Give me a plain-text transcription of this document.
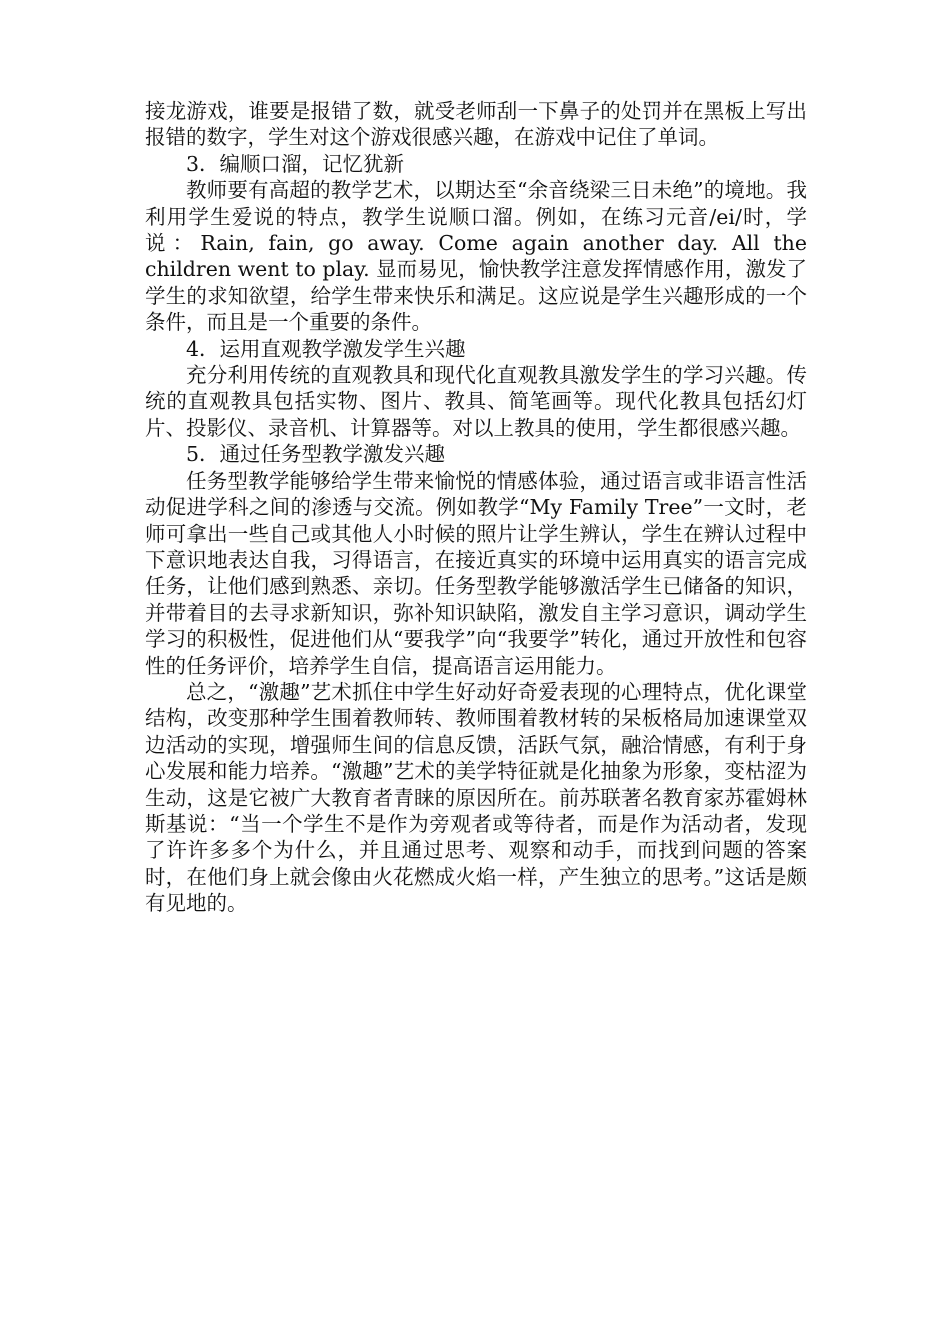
接龙游戏，谁要是报错了数，就受老师刮一下鼻子的处罚并在黑板上写出报错的数字，学生对这个游戏很感兴趣，在游戏中记住了单词。

3．编顺口溜，记忆犹新

教师要有高超的教学艺术，以期达至“余音绕梁三日未绝”的境地。我利用学生爱说的特点，教学生说顺口溜。例如，在练习元音/ei/时，学说：Rain, fain, go away. Come again another day. All the children went to play. 显而易见，愉快教学注意发挥情感作用，激发了学生的求知欲望，给学生带来快乐和满足。这应说是学生兴趣形成的一个条件，而且是一个重要的条件。

4．运用直观教学激发学生兴趣

充分利用传统的直观教具和现代化直观教具激发学生的学习兴趣。传统的直观教具包括实物、图片、教具、简笔画等。现代化教具包括幻灯片、投影仪、录音机、计算器等。对以上教具的使用，学生都很感兴趣。

5．通过任务型教学激发兴趣

任务型教学能够给学生带来愉悦的情感体验，通过语言或非语言性活动促进学科之间的渗透与交流。例如教学“My Family Tree”一文时，老师可拿出一些自己或其他人小时候的照片让学生辨认，学生在辨认过程中下意识地表达自我，习得语言，在接近真实的环境中运用真实的语言完成任务，让他们感到熟悉、亲切。任务型教学能够激活学生已储备的知识，并带着目的去寻求新知识，弥补知识缺陷，激发自主学习意识，调动学生学习的积极性，促进他们从“要我学”向“我要学”转化，通过开放性和包容性的任务评价，培养学生自信，提高语言运用能力。

总之，“激趣”艺术抓住中学生好动好奇爱表现的心理特点，优化课堂结构，改变那种学生围着教师转、教师围着教材转的呆板格局加速课堂双边活动的实现，增强师生间的信息反馈，活跃气氛，融洽情感，有利于身心发展和能力培养。“激趣”艺术的美学特征就是化抽象为形象，变枯涩为生动，这是它被广大教育者青睐的原因所在。前苏联著名教育家苏霍姆林斯基说：“当一个学生不是作为旁观者或等待者，而是作为活动者，发现了许许多多个为什么，并且通过思考、观察和动手，而找到问题的答案时，在他们身上就会像由火花燃成火焰一样，产生独立的思考。”这话是颇有见地的。
